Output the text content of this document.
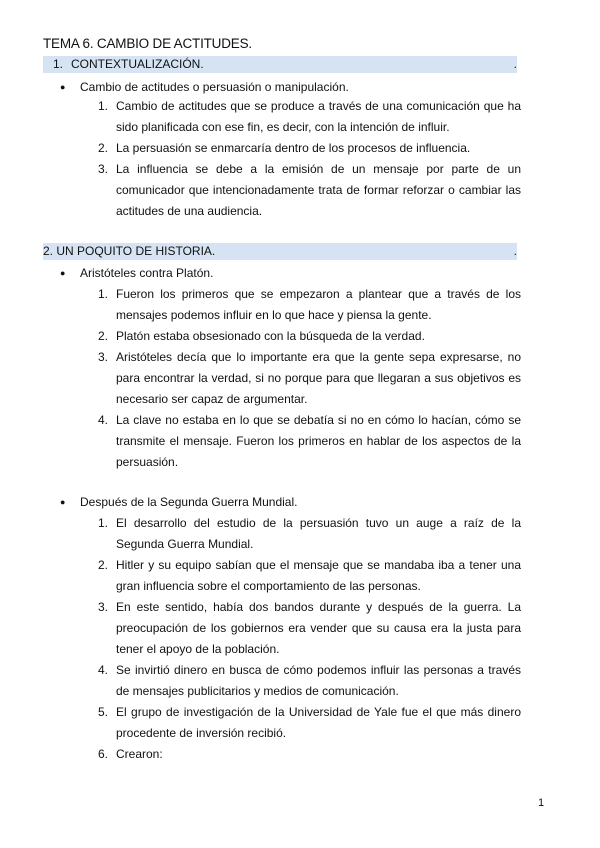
TEMA 6. CAMBIO DE ACTITUDES.
1. CONTEXTUALIZACIÓN.	.
● Cambio de actitudes o persuasión o manipulación.
1. Cambio de actitudes que se produce a través de una comunicación que ha sido planificada con ese fin, es decir, con la intención de influir.
2. La persuasión se enmarcaría dentro de los procesos de influencia.
3. La influencia se debe a la emisión de un mensaje por parte de un comunicador que intencionadamente trata de formar reforzar o cambiar las actitudes de una audiencia.
2. UN POQUITO DE HISTORIA.	.
● Aristóteles contra Platón.
1. Fueron los primeros que se empezaron a plantear que a través de los mensajes podemos influir en lo que hace y piensa la gente.
2. Platón estaba obsesionado con la búsqueda de la verdad.
3. Aristóteles decía que lo importante era que la gente sepa expresarse, no para encontrar la verdad, si no porque para que llegaran a sus objetivos es necesario ser capaz de argumentar.
4. La clave no estaba en lo que se debatía si no en cómo lo hacían, cómo se transmite el mensaje. Fueron los primeros en hablar de los aspectos de la persuasión.
● Después de la Segunda Guerra Mundial.
1. El desarrollo del estudio de la persuasión tuvo un auge a raíz de la Segunda Guerra Mundial.
2. Hitler y su equipo sabían que el mensaje que se mandaba iba a tener una gran influencia sobre el comportamiento de las personas.
3. En este sentido, había dos bandos durante y después de la guerra. La preocupación de los gobiernos era vender que su causa era la justa para tener el apoyo de la población.
4. Se invirtió dinero en busca de cómo podemos influir las personas a través de mensajes publicitarios y medios de comunicación.
5. El grupo de investigación de la Universidad de Yale fue el que más dinero procedente de inversión recibió.
6. Crearon:
1
